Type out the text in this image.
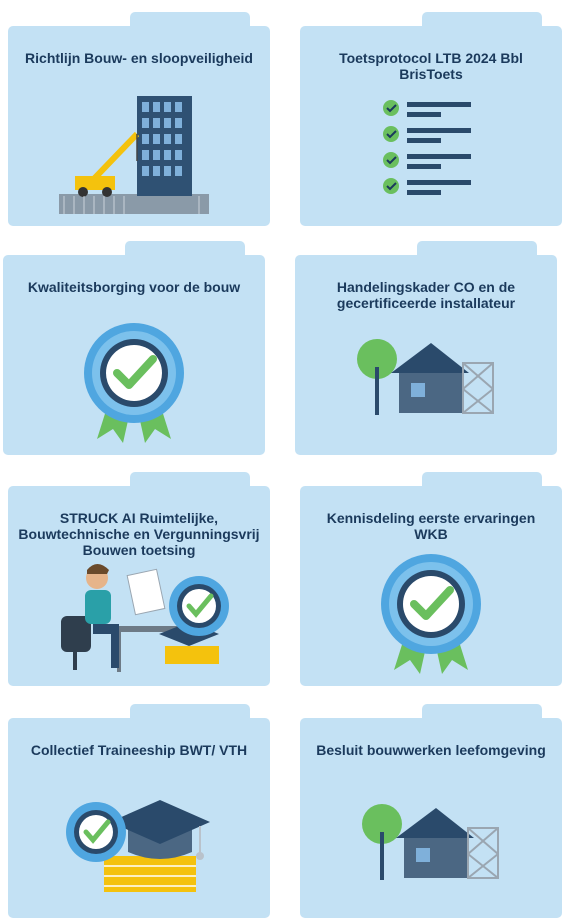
Richtlijn Bouw- en sloopveiligheid	Toetsprotocol LTB 2024 Bbl BrisToets
Kwaliteitsborging voor de bouw	Handelingskader CO en de gecertificeerde installateur
STRUCK AI Ruimtelijke, Bouwtechnische en Vergunningsvrij Bouwen toetsing
Kennisdeling eerste ervaringen WKB
Collectief Traineeship BWT/ VTH	Besluit bouwwerken leefomgeving
